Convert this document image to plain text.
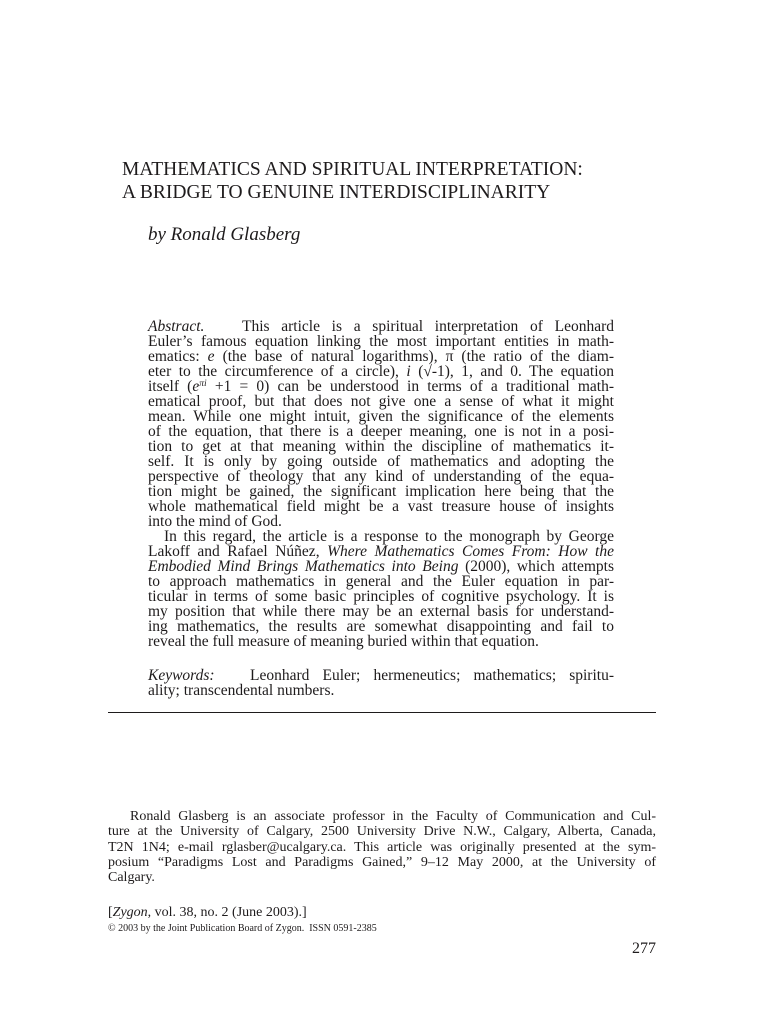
MATHEMATICS AND SPIRITUAL INTERPRETATION:
A BRIDGE TO GENUINE INTERDISCIPLINARITY
by Ronald Glasberg
Abstract. This article is a spiritual interpretation of Leonhard
Euler’s famous equation linking the most important entities in math-
ematics: e (the base of natural logarithms), π (the ratio of the diam-
eter to the circumference of a circle), i (√-1), 1, and 0. The equation
itself $(e^{\pi i} +1 = 0)$ can be understood in terms of a traditional math-
ematical proof, but that does not give one a sense of what it might
mean. While one might intuit, given the significance of the elements
of the equation, that there is a deeper meaning, one is not in a posi-
tion to get at that meaning within the discipline of mathematics it-
self. It is only by going outside of mathematics and adopting the
perspective of theology that any kind of understanding of the equa-
tion might be gained, the significant implication here being that the
whole mathematical field might be a vast treasure house of insights
into the mind of God.
In this regard, the article is a response to the monograph by George
Lakoff and Rafael Núñez, Where Mathematics Comes From: How the
Embodied Mind Brings Mathematics into Being (2000), which attempts
to approach mathematics in general and the Euler equation in par-
ticular in terms of some basic principles of cognitive psychology. It is
my position that while there may be an external basis for understand-
ing mathematics, the results are somewhat disappointing and fail to
reveal the full measure of meaning buried within that equation.
Keywords: Leonhard Euler; hermeneutics; mathematics; spiritu-
ality; transcendental numbers.
Ronald Glasberg is an associate professor in the Faculty of Communication and Cul-
ture at the University of Calgary, 2500 University Drive N.W., Calgary, Alberta, Canada,
T2N 1N4; e-mail rglasber@ucalgary.ca. This article was originally presented at the sym-
posium “Paradigms Lost and Paradigms Gained,” 9–12 May 2000, at the University of
Calgary.
[Zygon, vol. 38, no. 2 (June 2003).]
© 2003 by the Joint Publication Board of Zygon.  ISSN 0591-2385
277
